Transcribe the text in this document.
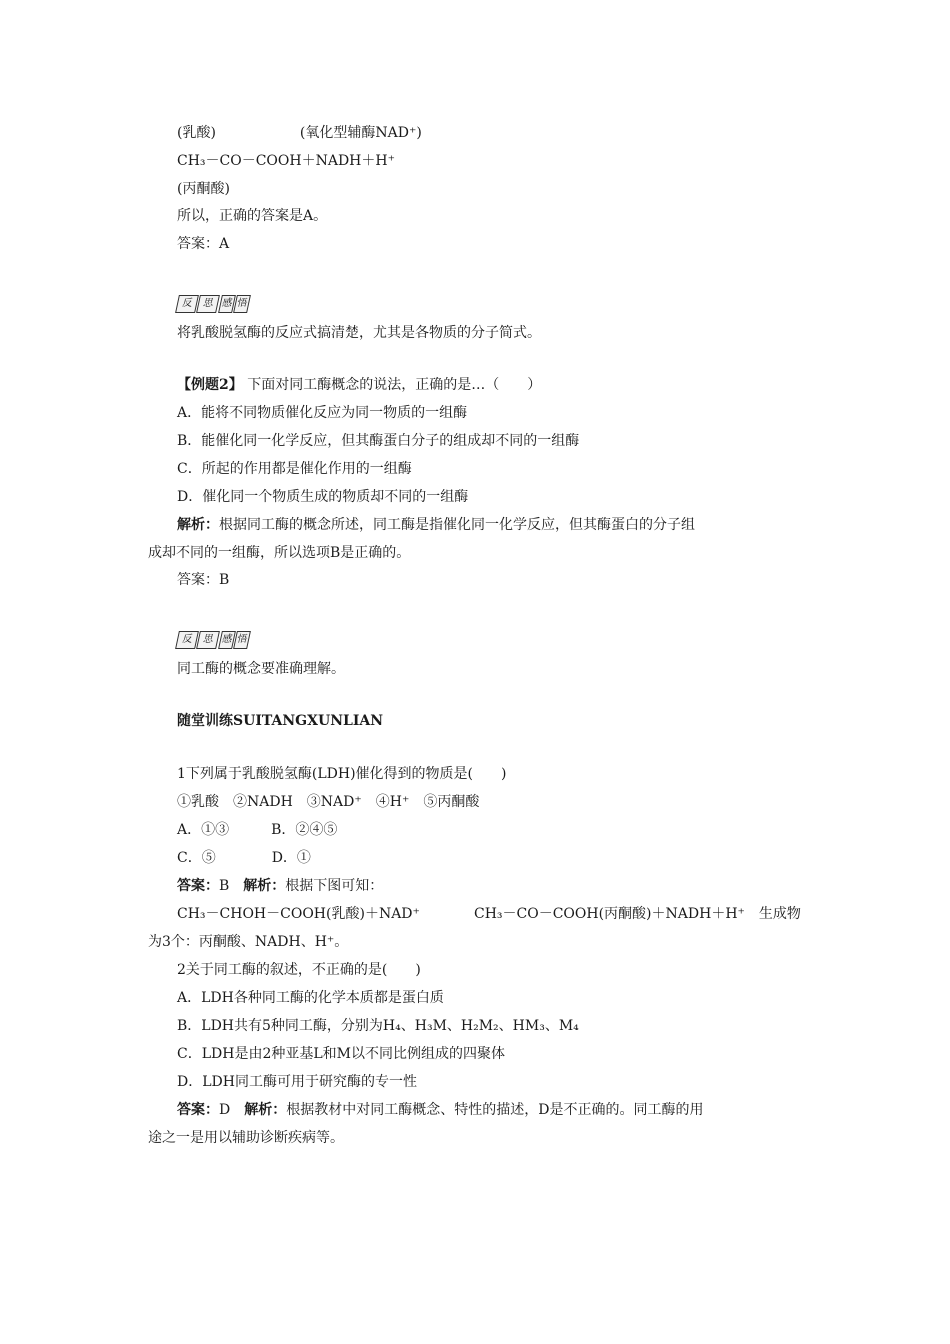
(乳酸)　　　　　　(氧化型辅酶NAD⁺)
CH₃－CO－COOH＋NADH＋H⁺
(丙酮酸)
所以，正确的答案是A。
答案：A
反 思 感 悟
将乳酸脱氢酶的反应式搞清楚，尤其是各物质的分子简式。
【例题2】 下面对同工酶概念的说法，正确的是…（　　）
A．能将不同物质催化反应为同一物质的一组酶
B．能催化同一化学反应，但其酶蛋白分子的组成却不同的一组酶
C．所起的作用都是催化作用的一组酶
D．催化同一个物质生成的物质却不同的一组酶
解析：根据同工酶的概念所述，同工酶是指催化同一化学反应，但其酶蛋白的分子组
成却不同的一组酶，所以选项B是正确的。
答案：B
反 思 感 悟
同工酶的概念要准确理解。
随堂训练SUITANGXUNLIAN
1下列属于乳酸脱氢酶(LDH)催化得到的物质是(　　)
①乳酸　②NADH　③NAD⁺　④H⁺　⑤丙酮酸
A．①③　　　B．②④⑤
C．⑤　　　　D．①
答案：B　解析：根据下图可知：
CH₃－CHOH－COOH(乳酸)＋NAD⁺	CH₃－CO－COOH(丙酮酸)＋NADH＋H⁺　生成物
为3个：丙酮酸、NADH、H⁺。
2关于同工酶的叙述，不正确的是(　　)
A．LDH各种同工酶的化学本质都是蛋白质
B．LDH共有5种同工酶，分别为H₄、H₃M、H₂M₂、HM₃、M₄
C．LDH是由2种亚基L和M以不同比例组成的四聚体
D．LDH同工酶可用于研究酶的专一性
答案：D　解析：根据教材中对同工酶概念、特性的描述，D是不正确的。同工酶的用
途之一是用以辅助诊断疾病等。
